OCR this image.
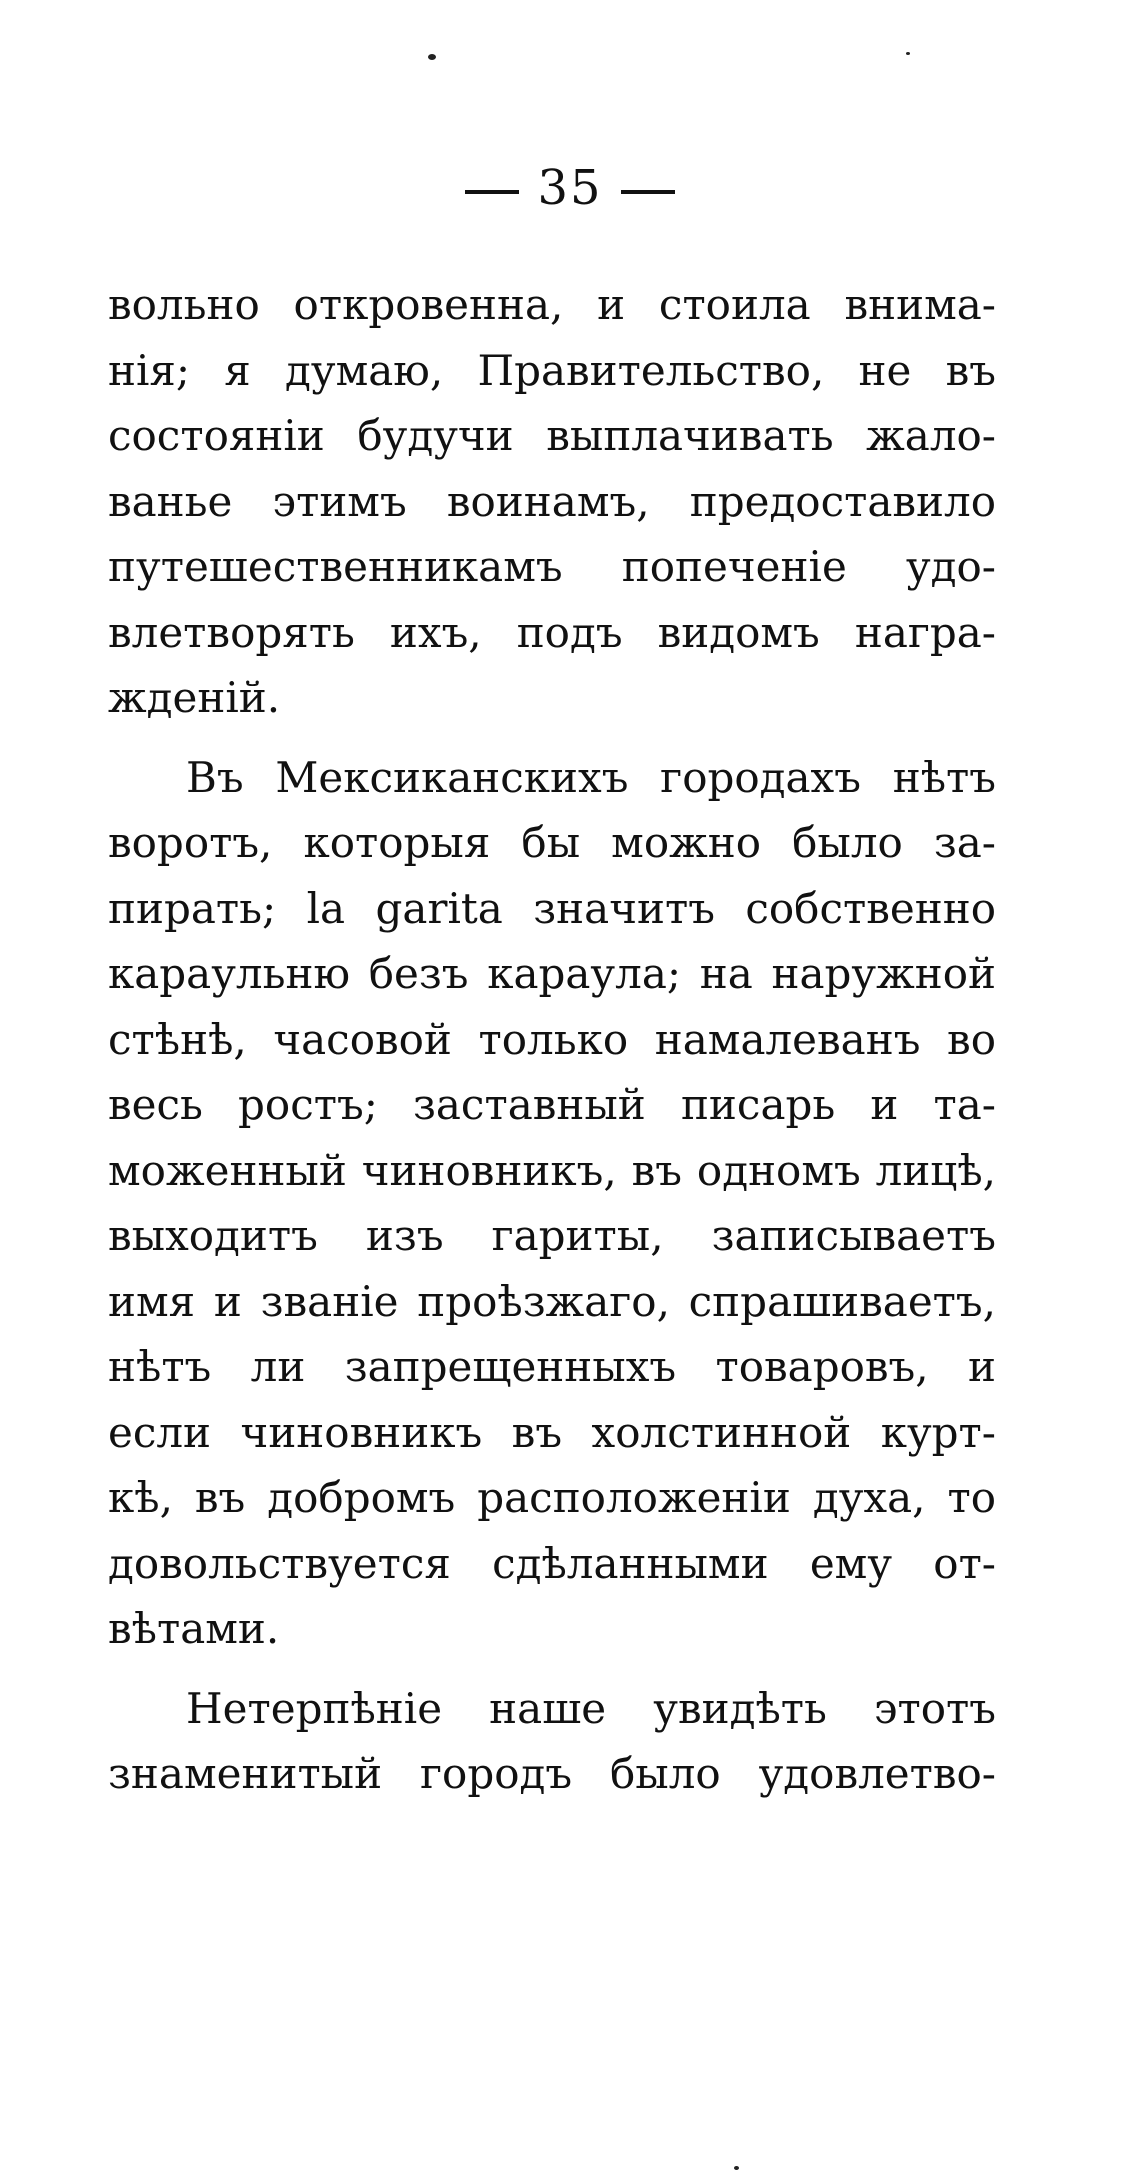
35
вольно откровенна, и стоила внима-
нія; я думаю, Правительство, не въ
состояніи будучи выплачивать жало-
ванье этимъ воинамъ, предоставило
путешественникамъ попеченіе удо-
влетворять ихъ, подъ видомъ награ-
жденій.
Въ Мексиканскихъ городахъ нѣтъ
воротъ, которыя бы можно было за-
пирать; la garita значитъ собственно
караульню безъ караула; на наружной
стѣнѣ, часовой только намалеванъ во
весь ростъ; заставный писарь и та-
моженный чиновникъ, въ одномъ лицѣ,
выходитъ изъ гариты, записываетъ
имя и званіе проѣзжаго, спрашиваетъ,
нѣтъ ли запрещенныхъ товаровъ, и
если чиновникъ въ холстинной курт-
кѣ, въ добромъ расположеніи духа, то
довольствуется сдѣланными ему от-
вѣтами.
Нетерпѣніе наше увидѣть этотъ
знаменитый городъ было удовлетво-
